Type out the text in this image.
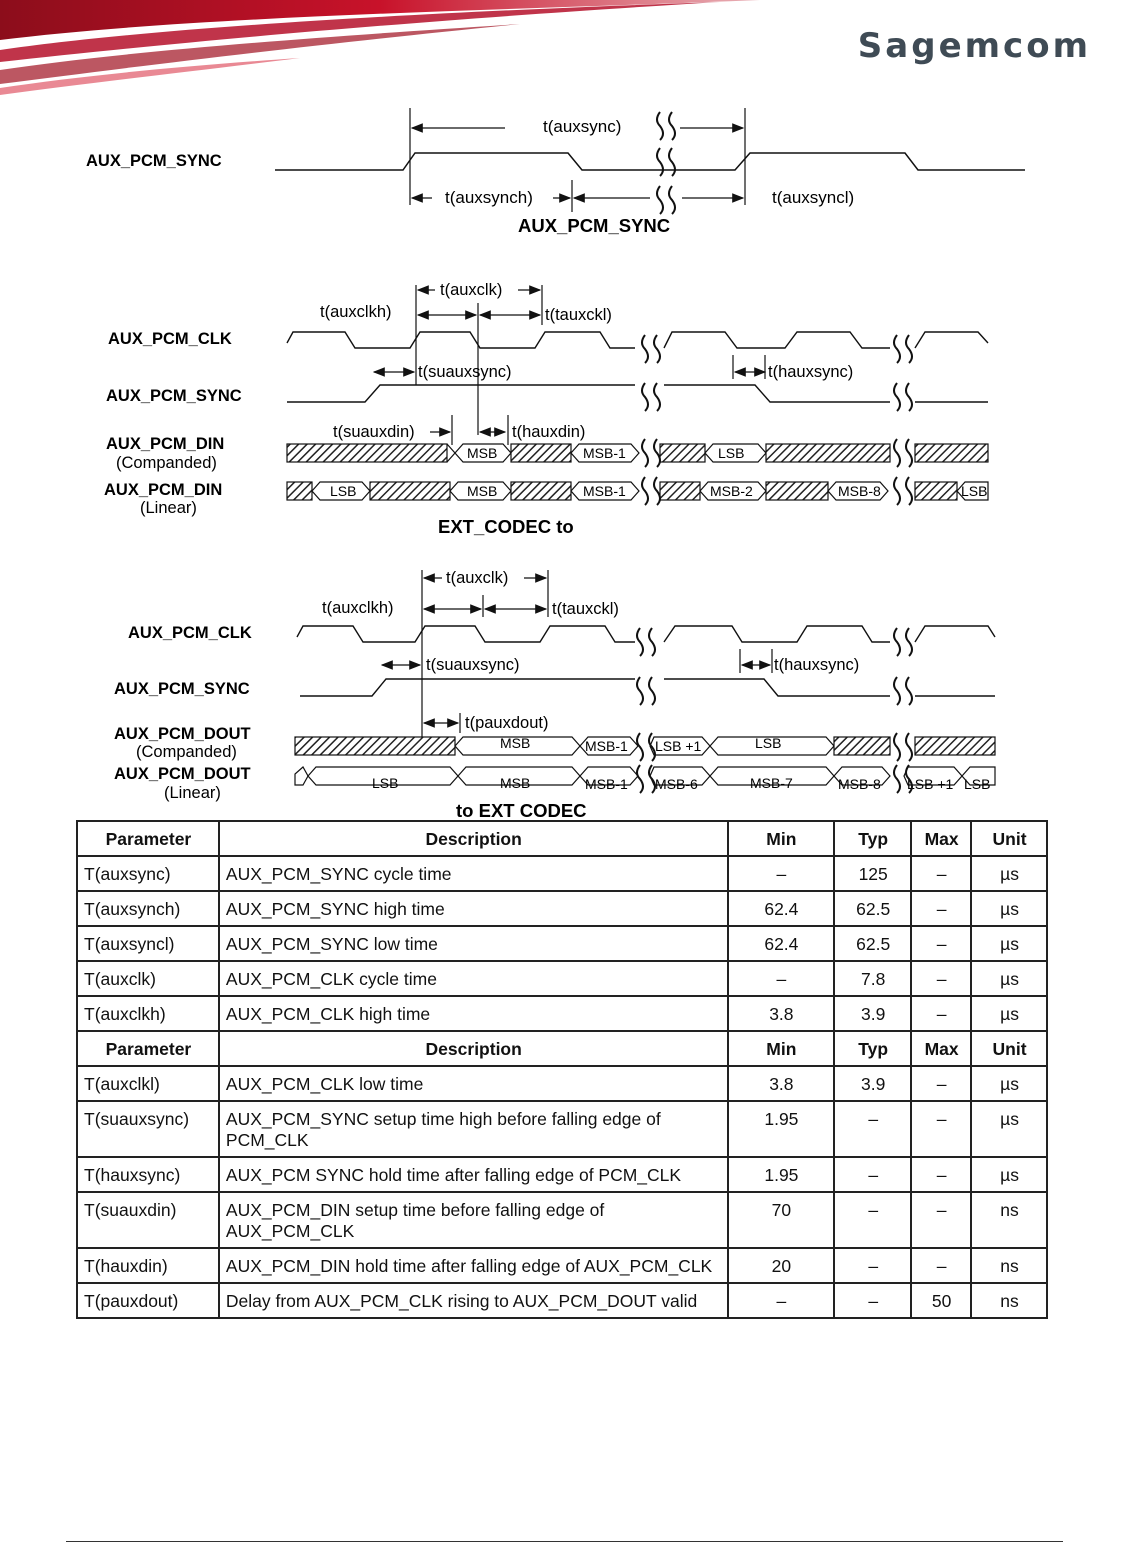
Sagemcom
AUX_PCM_SYNC
t(auxsync)
t(auxsynch)	t(auxsyncl)
AUX_PCM_SYNC
AUX_PCM_CLK
AUX_PCM_SYNC
AUX_PCM_DIN
(Companded)
AUX_PCM_DIN
(Linear)
t(auxclk)
t(auxclkh)	t(tauxckl)
t(suauxsync)	t(hauxsync)
t(suauxdin)	t(hauxdin)
MSB	MSB-1	LSB
LSB	MSB	MSB-1	MSB-2	MSB-8	LSB
EXT_CODEC to
AUX_PCM_CLK
AUX_PCM_SYNC
AUX_PCM_DOUT
(Companded)
AUX_PCM_DOUT
(Linear)
t(auxclk)
t(auxclkh)	t(tauxckl)
t(suauxsync)	t(hauxsync)
t(pauxdout)
MSB	MSB-1 LSB +1	LSB
LSB	MSB	MSB-1 MSB-6	MSB-7	MSB-8 LSB +1 LSB
to EXT CODEC
Parameter	Description	Min	Typ	Max	Unit
T(auxsync)	AUX_PCM_SYNC cycle time	–	125	–	µs
T(auxsynch)	AUX_PCM_SYNC high time	62.4	62.5	–	µs
T(auxsyncl)	AUX_PCM_SYNC low time	62.4	62.5	–	µs
T(auxclk)	AUX_PCM_CLK cycle time	–	7.8	–	µs
T(auxclkh)	AUX_PCM_CLK high time	3.8	3.9	–	µs
Parameter	Description	Min	Typ	Max	Unit
T(auxclkl)	AUX_PCM_CLK low time	3.8	3.9	–	µs
T(suauxsync)	AUX_PCM_SYNC setup time high before falling edge of PCM_CLK	1.95	–	–	µs
T(hauxsync)	AUX_PCM SYNC hold time after falling edge of PCM_CLK	1.95	–	–	µs
T(suauxdin)	AUX_PCM_DIN setup time before falling edge of AUX_PCM_CLK	70	–	–	ns
T(hauxdin)	AUX_PCM_DIN hold time after falling edge of AUX_PCM_CLK	20	–	–	ns
T(pauxdout)	Delay from AUX_PCM_CLK rising to AUX_PCM_DOUT valid	–	–	50	ns
